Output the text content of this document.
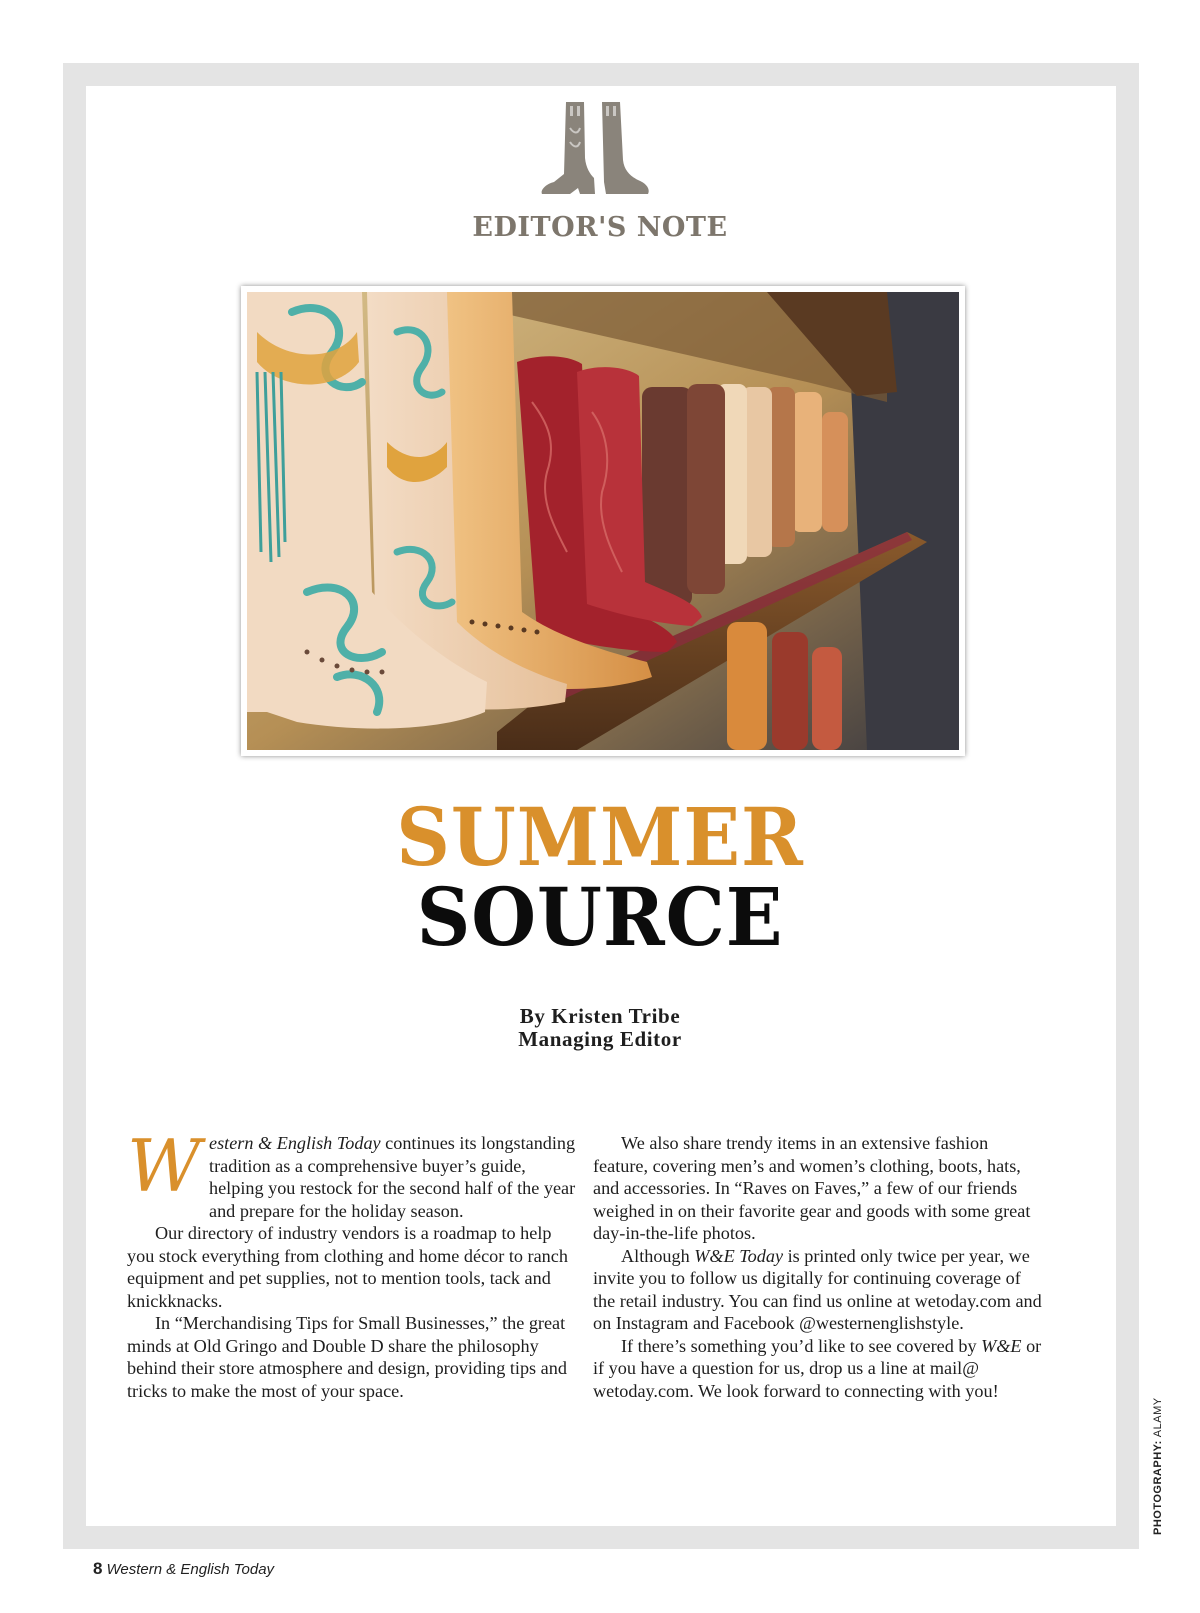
EDITOR'S NOTE
SUMMER
SOURCE
By Kristen Tribe
Managing Editor

Western & English Today continues its longstanding tradition as a comprehensive buyer’s guide, helping you restock for the second half of the year and prepare for the holiday season.

Our directory of industry vendors is a roadmap to help you stock everything from clothing and home décor to ranch equipment and pet supplies, not to mention tools, tack and knickknacks.

In “Merchandising Tips for Small Businesses,” the great minds at Old Gringo and Double D share the philosophy behind their store atmosphere and design, providing tips and tricks to make the most of your space.

We also share trendy items in an extensive fashion feature, covering men’s and women’s clothing, boots, hats, and accessories. In “Raves on Faves,” a few of our friends weighed in on their favorite gear and goods with some great day-in-the-life photos.

Although W&E Today is printed only twice per year, we invite you to follow us digitally for continuing coverage of the retail industry. You can find us online at wetoday.com and on Instagram and Facebook @westernenglishstyle.

If there’s something you’d like to see covered by W&E or if you have a question for us, drop us a line at mail@ wetoday.com. We look forward to connecting with you!

PHOTOGRAPHY: ALAMY
8 Western & English Today
